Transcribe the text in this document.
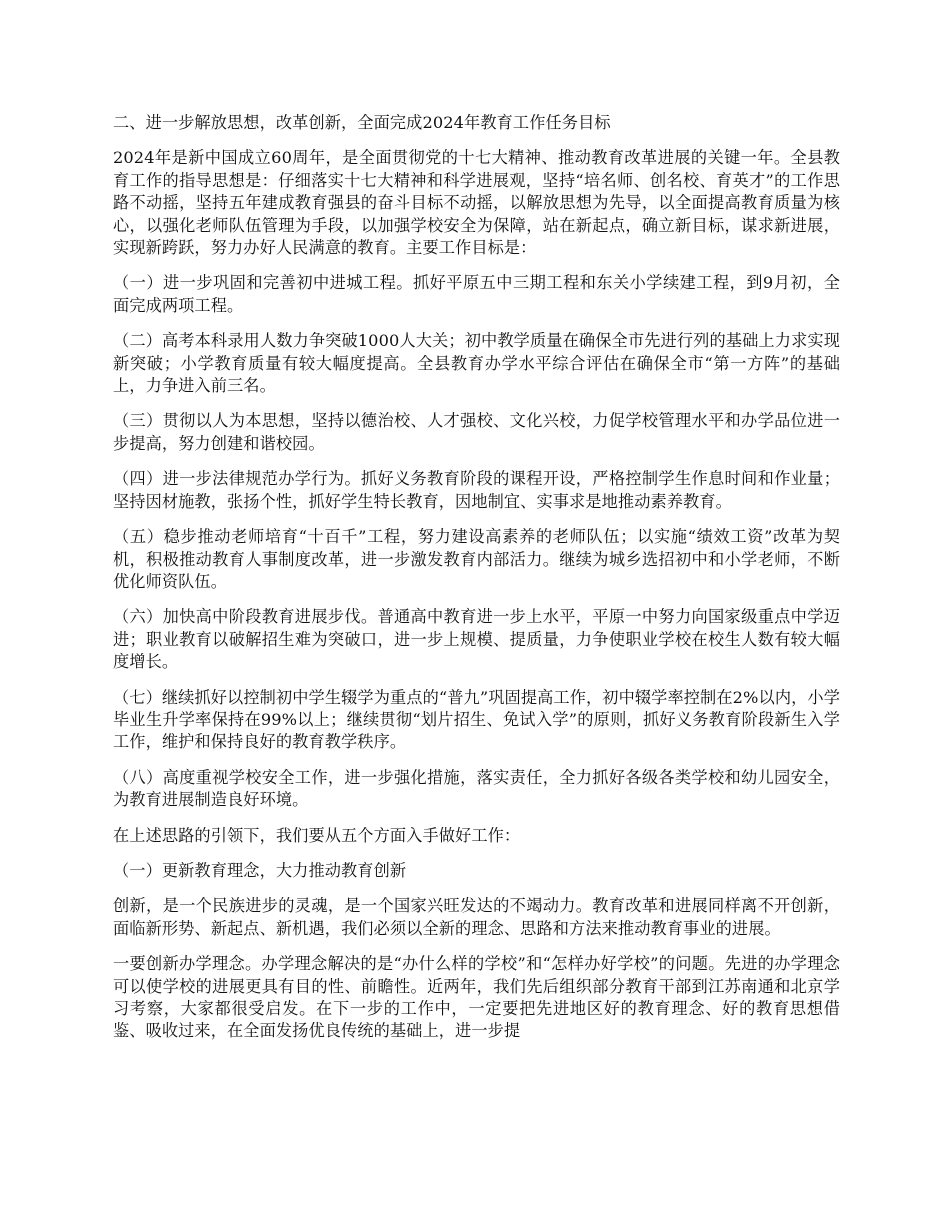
二、进一步解放思想，改革创新，全面完成2024年教育工作任务目标

2024年是新中国成立60周年，是全面贯彻党的十七大精神、推动教育改革进展的关键一年。全县教育工作的指导思想是：仔细落实十七大精神和科学进展观，坚持“培名师、创名校、育英才”的工作思路不动摇，坚持五年建成教育强县的奋斗目标不动摇，以解放思想为先导，以全面提高教育质量为核心，以强化老师队伍管理为手段，以加强学校安全为保障，站在新起点，确立新目标，谋求新进展，实现新跨跃，努力办好人民满意的教育。主要工作目标是：

（一）进一步巩固和完善初中进城工程。抓好平原五中三期工程和东关小学续建工程，到9月初，全面完成两项工程。

（二）高考本科录用人数力争突破1000人大关；初中教学质量在确保全市先进行列的基础上力求实现新突破；小学教育质量有较大幅度提高。全县教育办学水平综合评估在确保全市“第一方阵”的基础上，力争进入前三名。

（三）贯彻以人为本思想，坚持以德治校、人才强校、文化兴校，力促学校管理水平和办学品位进一步提高，努力创建和谐校园。

（四）进一步法律规范办学行为。抓好义务教育阶段的课程开设，严格控制学生作息时间和作业量；坚持因材施教，张扬个性，抓好学生特长教育，因地制宜、实事求是地推动素养教育。

（五）稳步推动老师培育“十百千”工程，努力建设高素养的老师队伍；以实施“绩效工资”改革为契机，积极推动教育人事制度改革，进一步激发教育内部活力。继续为城乡选招初中和小学老师，不断优化师资队伍。

（六）加快高中阶段教育进展步伐。普通高中教育进一步上水平，平原一中努力向国家级重点中学迈进；职业教育以破解招生难为突破口，进一步上规模、提质量，力争使职业学校在校生人数有较大幅度增长。

（七）继续抓好以控制初中学生辍学为重点的“普九”巩固提高工作，初中辍学率控制在2%以内，小学毕业生升学率保持在99%以上；继续贯彻“划片招生、免试入学”的原则，抓好义务教育阶段新生入学工作，维护和保持良好的教育教学秩序。

（八）高度重视学校安全工作，进一步强化措施，落实责任，全力抓好各级各类学校和幼儿园安全，为教育进展制造良好环境。

在上述思路的引领下，我们要从五个方面入手做好工作：

（一）更新教育理念，大力推动教育创新

创新，是一个民族进步的灵魂，是一个国家兴旺发达的不竭动力。教育改革和进展同样离不开创新，面临新形势、新起点、新机遇，我们必须以全新的理念、思路和方法来推动教育事业的进展。

一要创新办学理念。办学理念解决的是“办什么样的学校”和“怎样办好学校”的问题。先进的办学理念可以使学校的进展更具有目的性、前瞻性。近两年，我们先后组织部分教育干部到江苏南通和北京学习考察，大家都很受启发。在下一步的工作中，一定要把先进地区好的教育理念、好的教育思想借鉴、吸收过来，在全面发扬优良传统的基础上，进一步提
